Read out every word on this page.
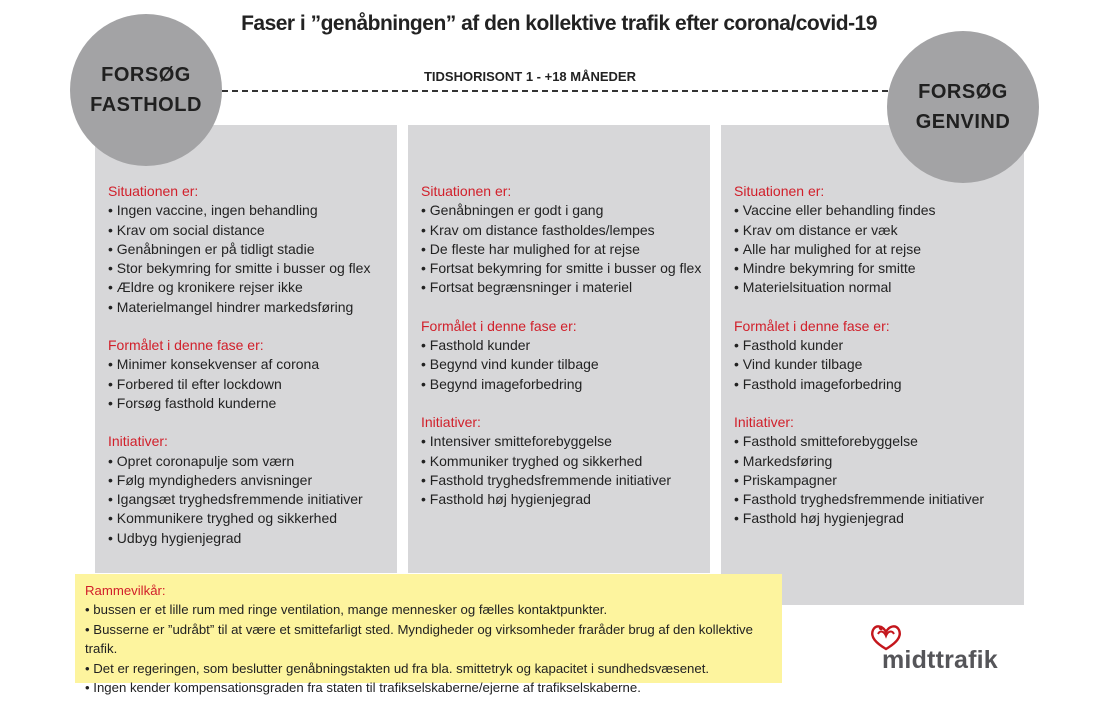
Faser i ”genåbningen” af den kollektive trafik efter corona/covid-19
Situationen er:
• Ingen vaccine, ingen behandling
• Krav om social distance
• Genåbningen er på tidligt stadie
• Stor bekymring for smitte i busser og flex
• Ældre og kronikere rejser ikke
• Materielmangel hindrer markedsføring
Formålet i denne fase er:
• Minimer konsekvenser af corona
• Forbered til efter lockdown
• Forsøg fasthold kunderne
Initiativer:
• Opret coronapulje som værn
• Følg myndigheders anvisninger
• Igangsæt tryghedsfremmende initiativer
• Kommunikere tryghed og sikkerhed
• Udbyg hygienjegrad
Situationen er:
• Genåbningen er godt i gang
• Krav om distance fastholdes/lempes
• De fleste har mulighed for at rejse
• Fortsat bekymring for smitte i busser og flex
• Fortsat begrænsninger i materiel
Formålet i denne fase er:
• Fasthold kunder
• Begynd vind kunder tilbage
• Begynd imageforbedring
Initiativer:
• Intensiver smitteforebyggelse
• Kommuniker tryghed og sikkerhed
• Fasthold tryghedsfremmende initiativer
• Fasthold høj hygienjegrad
Situationen er:
• Vaccine eller behandling findes
• Krav om distance er væk
• Alle har mulighed for at rejse
• Mindre bekymring for smitte
• Materielsituation normal
Formålet i denne fase er:
• Fasthold kunder
• Vind kunder tilbage
• Fasthold imageforbedring
Initiativer:
• Fasthold smitteforebyggelse
• Markedsføring
• Priskampagner
• Fasthold tryghedsfremmende initiativer
• Fasthold høj hygienjegrad
TIDSHORISONT 1 - +18 MÅNEDER
FORSØG
FASTHOLD
FORSØG
GENVIND
Rammevilkår:
• bussen er et lille rum med ringe ventilation, mange mennesker og fælles kontaktpunkter.
• Busserne er ”udråbt” til at være et smittefarligt sted. Myndigheder og virksomheder fraråder brug af den kollektive trafik.
• Det er regeringen, som beslutter genåbningstakten ud fra bla. smittetryk og kapacitet i sundhedsvæsenet.
• Ingen kender kompensationsgraden fra staten til trafikselskaberne/ejerne af trafikselskaberne.
midttrafik
